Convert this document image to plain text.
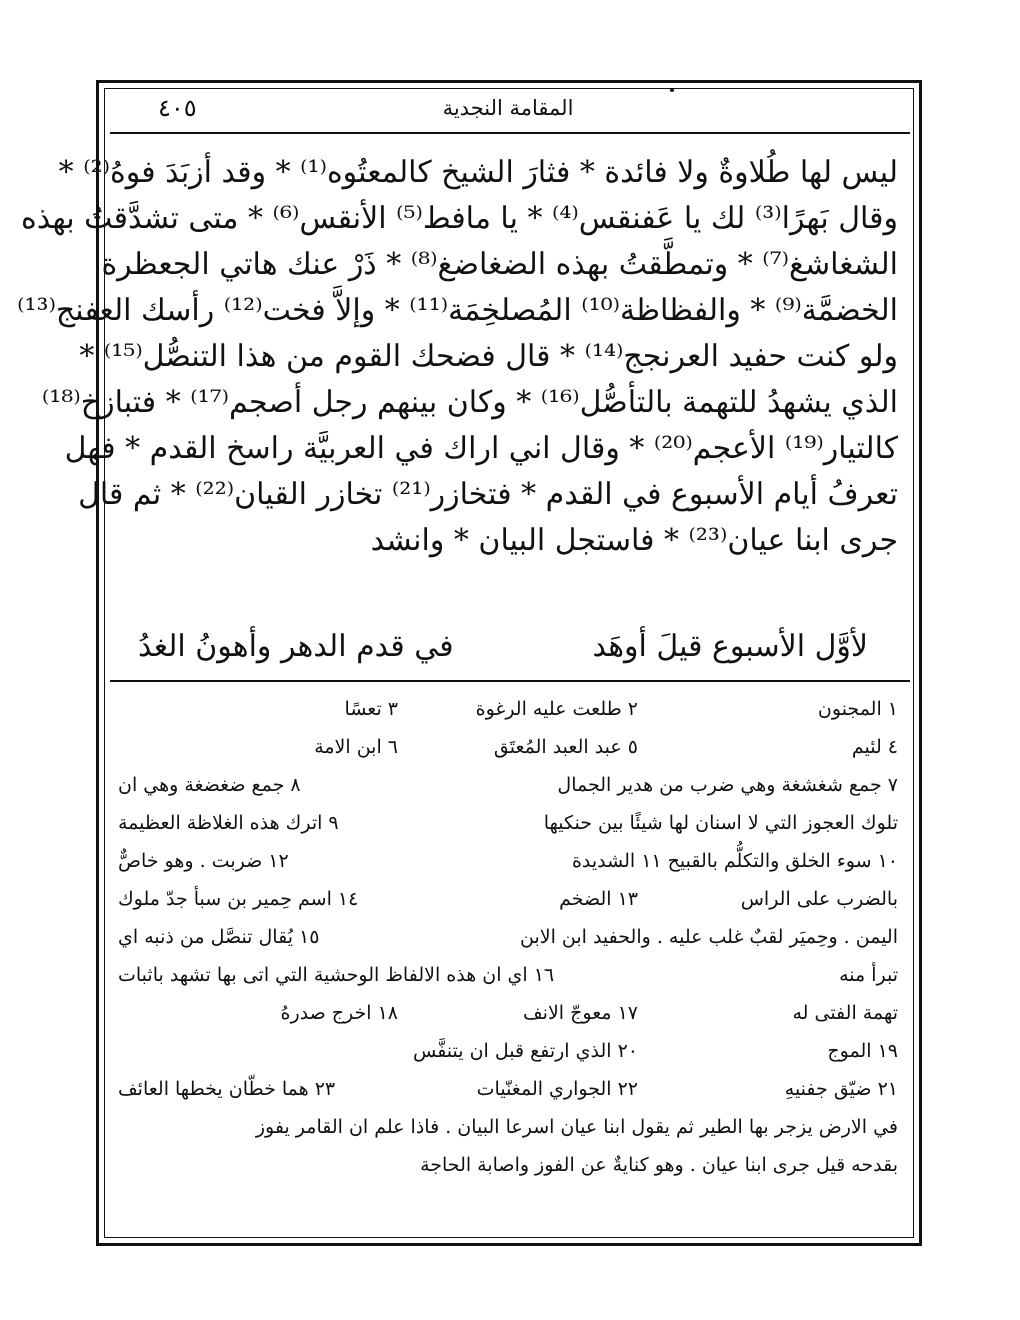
المقامة النجدية
٤٠٥
ليس لها طُلاوةٌ ولا فائدة * فثارَ الشيخ كالمعتُوه⁽¹⁾ * وقد أزبَدَ فوهُ⁽²⁾ *
وقال بَهرًا⁽³⁾ لك يا عَفنقس⁽⁴⁾ * يا مافط⁽⁵⁾ الأنقس⁽⁶⁾ * متى تشدَّقتُ بهذه
الشغاشغ⁽⁷⁾ * وتمطَّقتُ بهذه الضغاضغ⁽⁸⁾ * ذَرْ عنك هاتي الجعظرة
الخضمَّة⁽⁹⁾ * والفظاظة⁽¹⁰⁾ المُصلخِمَة⁽¹¹⁾ * وإلاَّ فخت⁽¹²⁾ رأسك العفنج⁽¹³⁾
ولو كنت حفيد العرنجج⁽¹⁴⁾ * قال فضحك القوم من هذا التنصُّل⁽¹⁵⁾ *
الذي يشهدُ للتهمة بالتأصُّل⁽¹⁶⁾ * وكان بينهم رجل أصجم⁽¹⁷⁾ * فتبازخ⁽¹⁸⁾
كالتيار⁽¹⁹⁾ الأعجم⁽²⁰⁾ * وقال اني اراك في العربيَّة راسخ القدم * فهل
تعرفُ أيام الأسبوع في القدم * فتخازر⁽²¹⁾ تخازر القيان⁽²²⁾ * ثم قال
جرى ابنا عيان⁽²³⁾ * فاستجل البيان * وانشد
لأوَّل الأسبوع قيلَ أوهَد
في قدم الدهر وأهونُ الغدُ
١ المجنون
٢ طلعت عليه الرغوة
٣ تعسًا
٤ لئيم
٥ عبد العبد المُعتَق
٦ ابن الامة
٧ جمع شغشغة وهي ضرب من هدير الجمال
٨ جمع ضغضغة وهي ان
تلوك العجوز التي لا اسنان لها شيئًا بين حنكيها
٩ اترك هذه الغلاظة العظيمة
١٠ سوء الخلق والتكلُّم بالقبيح ١١ الشديدة
١٢ ضربت . وهو خاصٌّ
بالضرب على الراس
١٣ الضخم
١٤ اسم حِمير بن سبأ جدّ ملوك
اليمن . وحِميَر لقبٌ غلب عليه . والحفيد ابن الابن
١٥ يُقال تنصَّل من ذنبه اي
تبرأ منه
١٦ اي ان هذه الالفاظ الوحشية التي اتى بها تشهد باثبات
تهمة الفتى له
١٧ معوجّ الانف
١٨ اخرج صدرهُ
١٩ الموج
٢٠ الذي ارتفع قبل ان يتنفَّس
٢١ ضيّق جفنيهِ
٢٢ الجواري المغنّيات
٢٣ هما خطّان يخطها العائف
في الارض يزجر بها الطير ثم يقول ابنا عيان اسرعا البيان . فاذا علم ان القامر يفوز
بقدحه قيل جرى ابنا عيان . وهو كنايةٌ عن الفوز واصابة الحاجة
